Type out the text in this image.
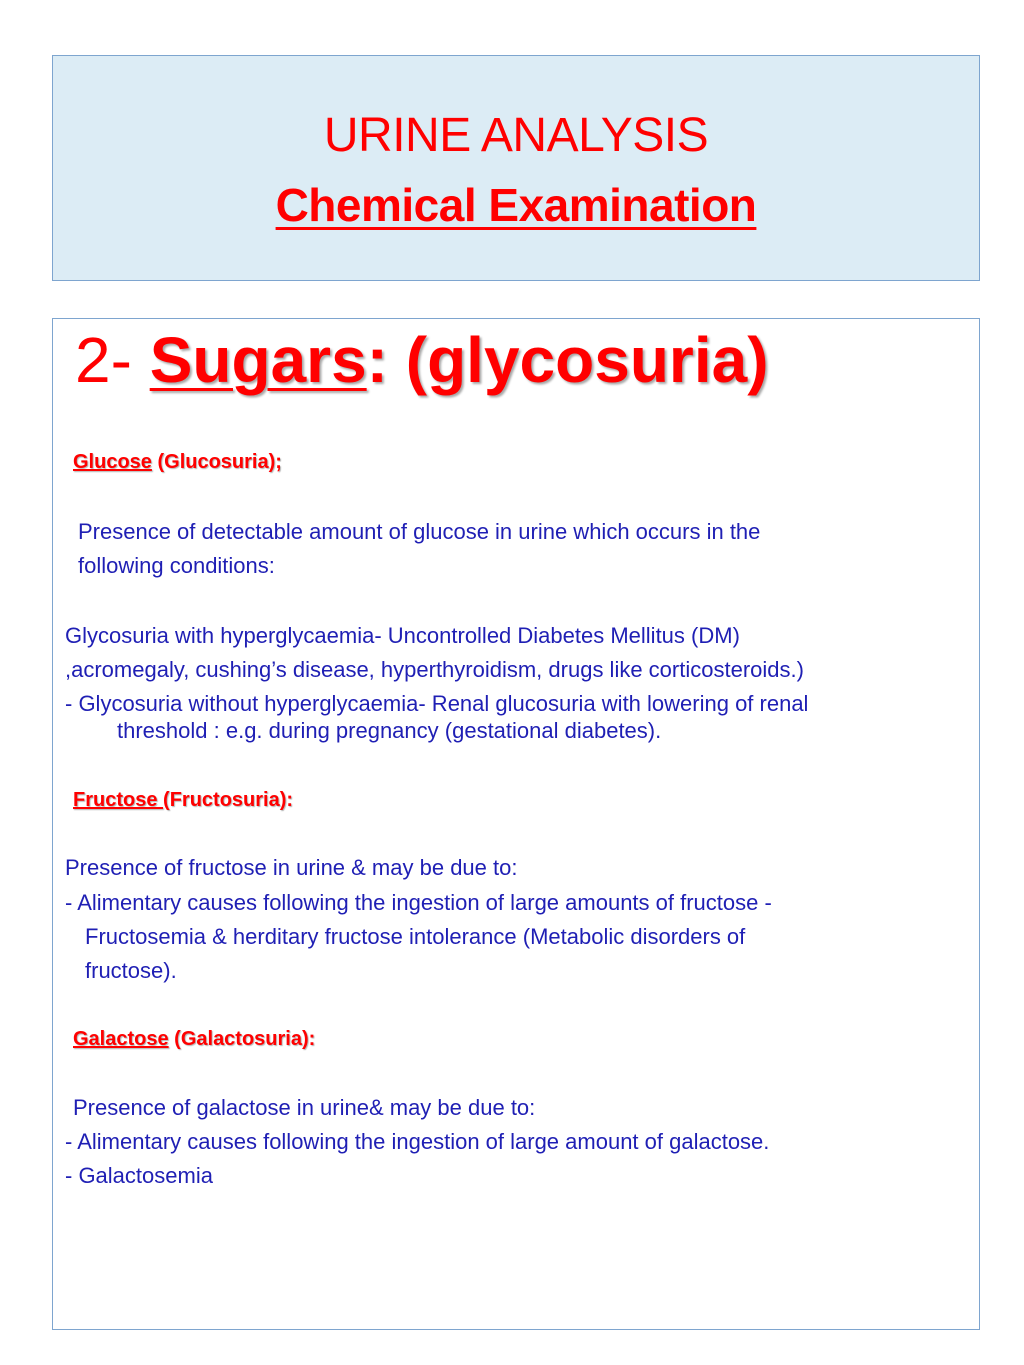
URINE ANALYSIS
Chemical Examination
2- Sugars: (glycosuria)
Glucose (Glucosuria);
Presence of detectable amount of glucose in urine which occurs in the
following conditions:
Glycosuria with hyperglycaemia- Uncontrolled Diabetes Mellitus (DM)
,acromegaly, cushing’s disease, hyperthyroidism, drugs like corticosteroids.)
- Glycosuria without hyperglycaemia- Renal glucosuria with lowering of renal
threshold : e.g. during pregnancy (gestational diabetes).
Fructose (Fructosuria):
Presence of fructose in urine & may be due to:
- Alimentary causes following the ingestion of large amounts of fructose -
Fructosemia & herditary fructose intolerance (Metabolic disorders of
fructose).
Galactose (Galactosuria):
Presence of galactose in urine& may be due to:
- Alimentary causes following the ingestion of large amount of galactose.
- Galactosemia
